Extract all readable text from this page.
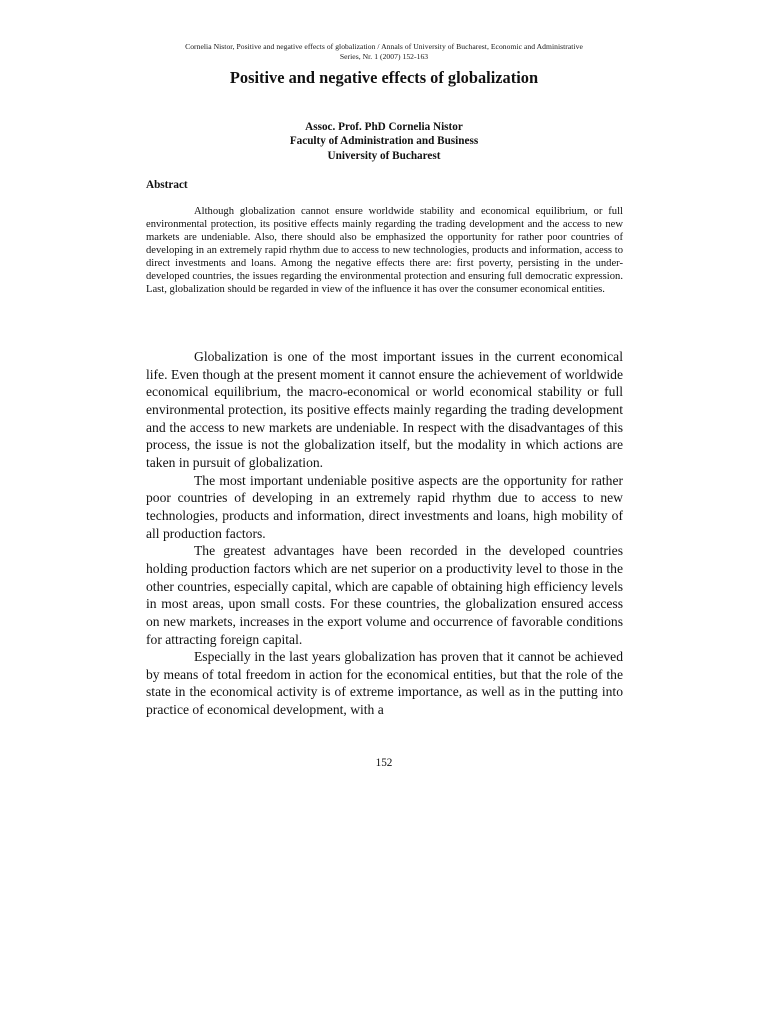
Cornelia Nistor, Positive and negative effects of globalization / Annals of University of Bucharest, Economic and Administrative
Series, Nr. 1 (2007) 152-163
Positive and negative effects of globalization
Assoc. Prof. PhD Cornelia Nistor
Faculty of Administration and Business
University of Bucharest
Abstract

Although globalization cannot ensure worldwide stability and economical equilibrium, or full environmental protection, its positive effects mainly regarding the trading development and the access to new markets are undeniable. Also, there should also be emphasized the opportunity for rather poor countries of developing in an extremely rapid rhythm due to access to new technologies, products and information, access to direct investments and loans. Among the negative effects there are: first poverty, persisting in the under-developed countries, the issues regarding the environmental protection and ensuring full democratic expression. Last, globalization should be regarded in view of the influence it has over the consumer economical entities.

Globalization is one of the most important issues in the current economical life. Even though at the present moment it cannot ensure the achievement of worldwide economical equilibrium, the macro-economical or world economical stability or full environmental protection, its positive effects mainly regarding the trading development and the access to new markets are undeniable. In respect with the disadvantages of this process, the issue is not the globalization itself, but the modality in which actions are taken in pursuit of globalization.

The most important undeniable positive aspects are the opportunity for rather poor countries of developing in an extremely rapid rhythm due to access to new technologies, products and information, direct investments and loans, high mobility of all production factors.

The greatest advantages have been recorded in the developed countries holding production factors which are net superior on a productivity level to those in the other countries, especially capital, which are capable of obtaining high efficiency levels in most areas, upon small costs. For these countries, the globalization ensured access on new markets, increases in the export volume and occurrence of favorable conditions for attracting foreign capital.

Especially in the last years globalization has proven that it cannot be achieved by means of total freedom in action for the economical entities, but that the role of the state in the economical activity is of extreme importance, as well as in the putting into practice of economical development, with a

152
